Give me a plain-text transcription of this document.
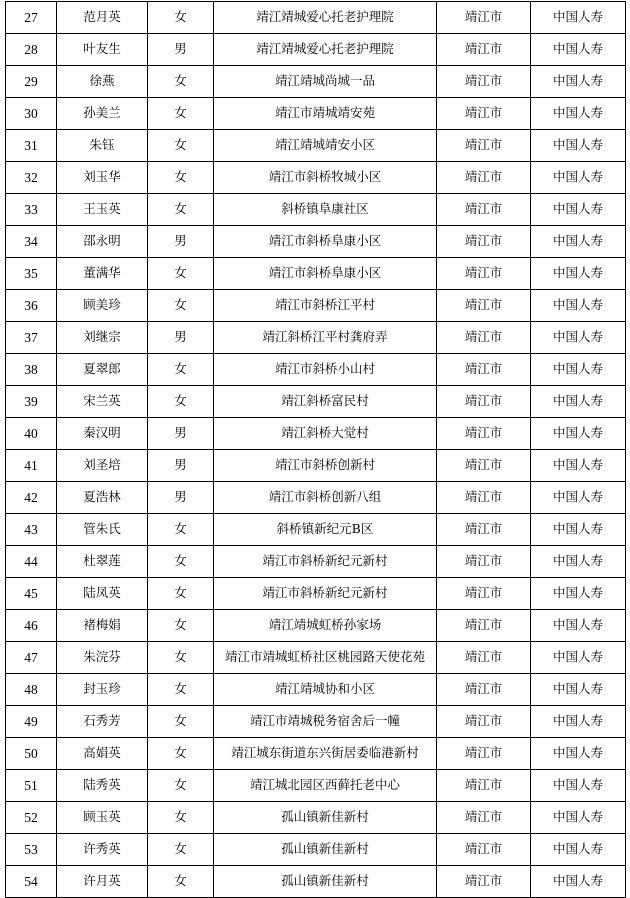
27	范月英	女	靖江靖城爱心托老护理院	靖江市	中国人寿
28	叶友生	男	靖江靖城爱心托老护理院	靖江市	中国人寿
29	徐燕	女	靖江靖城尚城一品	靖江市	中国人寿
30	孙美兰	女	靖江市靖城靖安苑	靖江市	中国人寿
31	朱钰	女	靖江靖城靖安小区	靖江市	中国人寿
32	刘玉华	女	靖江市斜桥牧城小区	靖江市	中国人寿
33	王玉英	女	斜桥镇阜康社区	靖江市	中国人寿
34	邵永明	男	靖江市斜桥阜康小区	靖江市	中国人寿
35	董满华	女	靖江市斜桥阜康小区	靖江市	中国人寿
36	顾美珍	女	靖江市斜桥江平村	靖江市	中国人寿
37	刘继宗	男	靖江斜桥江平村龚府弄	靖江市	中国人寿
38	夏翠郎	女	靖江市斜桥小山村	靖江市	中国人寿
39	宋兰英	女	靖江斜桥富民村	靖江市	中国人寿
40	秦汉明	男	靖江斜桥大觉村	靖江市	中国人寿
41	刘圣培	男	靖江市斜桥创新村	靖江市	中国人寿
42	夏浩林	男	靖江市斜桥创新八组	靖江市	中国人寿
43	管朱氏	女	斜桥镇新纪元B区	靖江市	中国人寿
44	杜翠莲	女	靖江市斜桥新纪元新村	靖江市	中国人寿
45	陆凤英	女	靖江市斜桥新纪元新村	靖江市	中国人寿
46	褚梅娟	女	靖江靖城虹桥孙家场	靖江市	中国人寿
47	朱浣芬	女	靖江市靖城虹桥社区桃园路天使花苑	靖江市	中国人寿
48	封玉珍	女	靖江靖城协和小区	靖江市	中国人寿
49	石秀芳	女	靖江市靖城税务宿舍后一幢	靖江市	中国人寿
50	高娟英	女	靖江城东街道东兴街居委临港新村	靖江市	中国人寿
51	陆秀英	女	靖江城北园区西藓托老中心	靖江市	中国人寿
52	顾玉英	女	孤山镇新佳新村	靖江市	中国人寿
53	许秀英	女	孤山镇新佳新村	靖江市	中国人寿
54	许月英	女	孤山镇新佳新村	靖江市	中国人寿
